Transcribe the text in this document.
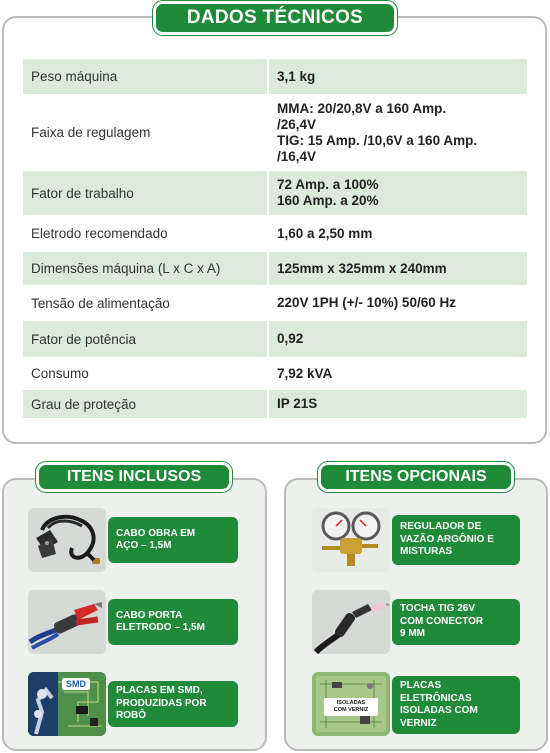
DADOS TÉCNICOS
Peso máquina	3,1 kg
Faixa de regulagem	MMA: 20/20,8V a 160 Amp.
/26,4V
TIG: 15 Amp. /10,6V a 160 Amp.
/16,4V
Fator de trabalho	72 Amp. a 100%
160 Amp. a 20%
Eletrodo recomendado	1,60 a 2,50 mm
Dimensões máquina (L x C x A)	125mm x 325mm x 240mm
Tensão de alimentação	220V 1PH (+/- 10%) 50/60 Hz
Fator de potência	0,92
Consumo	7,92 kVA
Grau de proteção	IP 21S
ITENS INCLUSOS
CABO OBRA EM
AÇO – 1,5M
CABO PORTA
ELETRODO – 1,5M
SMD
PLACAS EM SMD,
PRODUZIDAS POR
ROBÔ
ITENS OPCIONAIS
REGULADOR DE
VAZÃO ARGÔNIO E
MISTURAS
TOCHA TIG 26V
COM CONECTOR
9 MM
ISOLADAS
COM VERNIZ
PLACAS
ELETRÔNICAS
ISOLADAS COM
VERNIZ
